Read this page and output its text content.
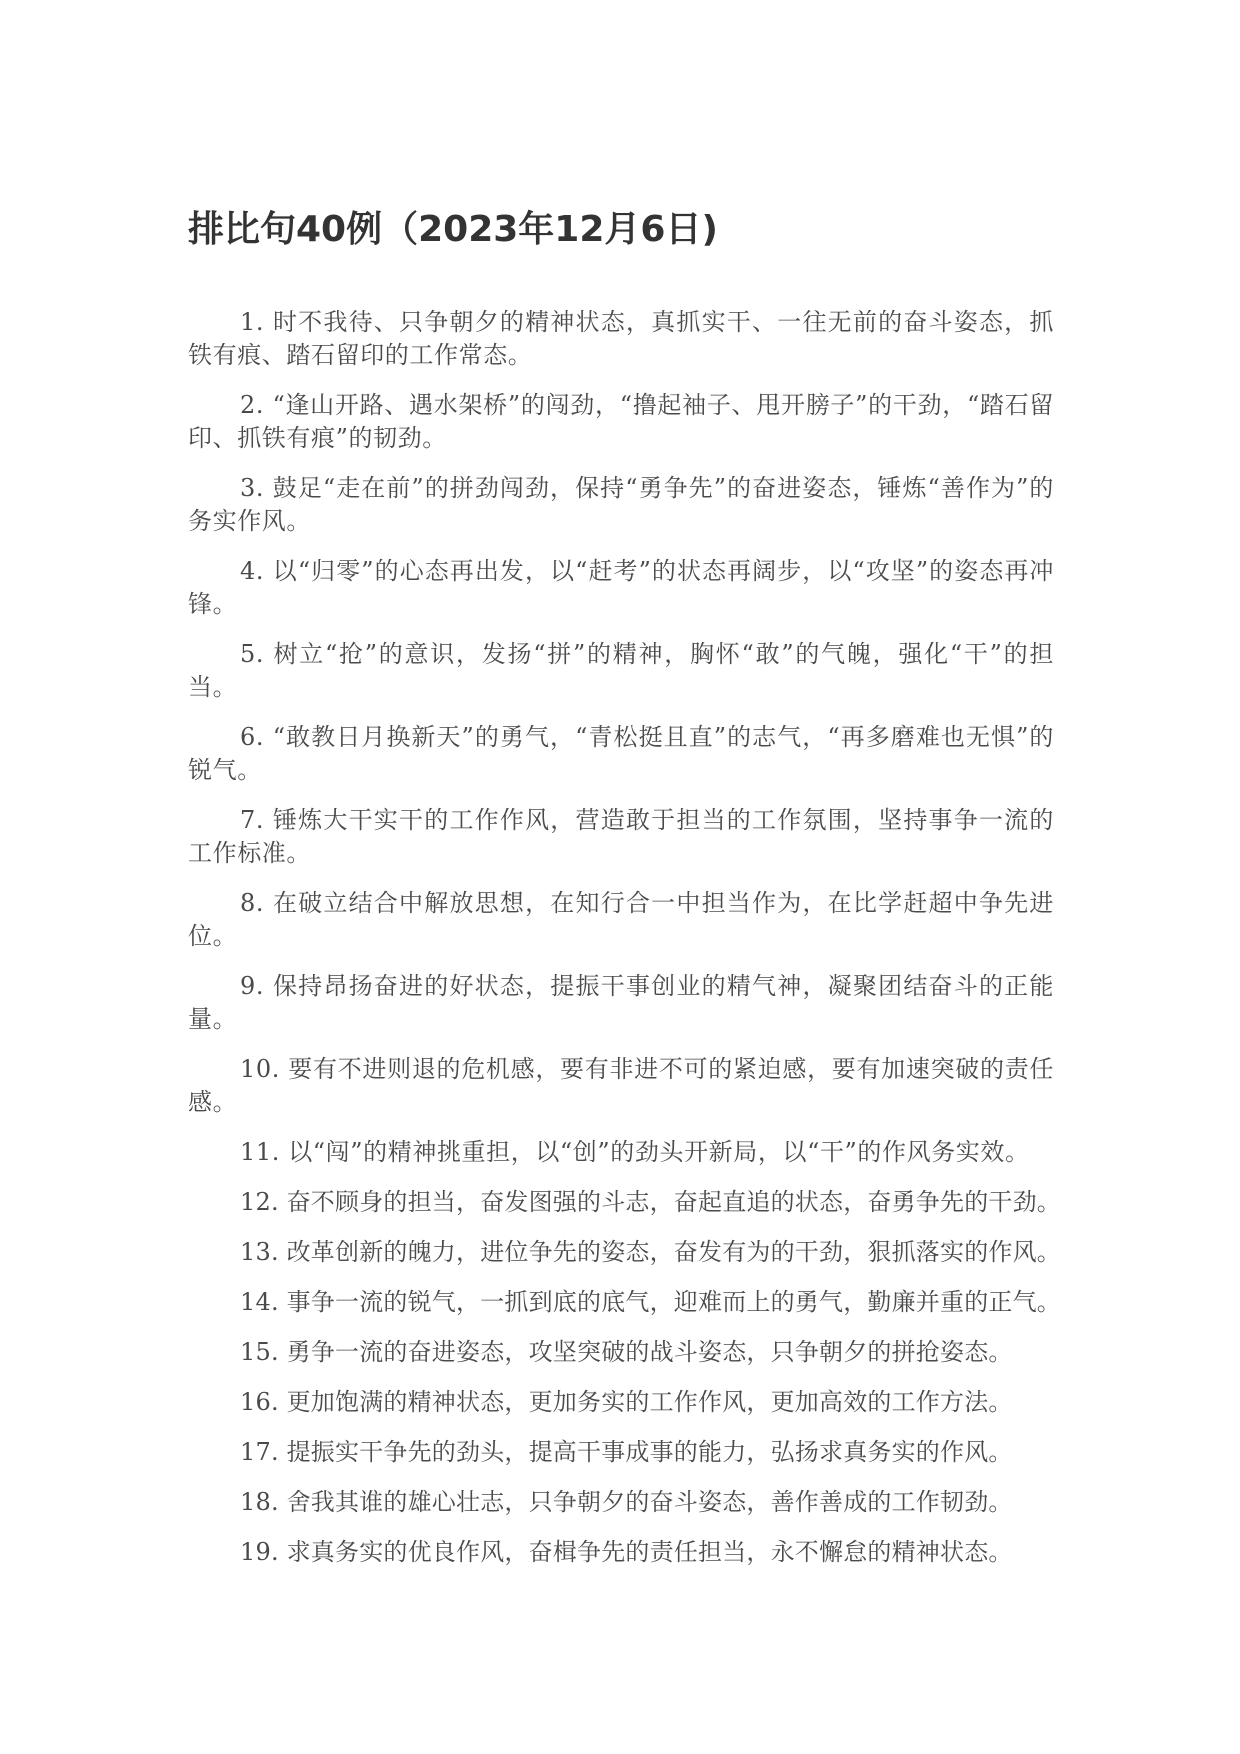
排比句40例（2023年12月6日)

1. 时不我待、只争朝夕的精神状态，真抓实干、一往无前的奋斗姿态，抓铁有痕、踏石留印的工作常态。

2. “逢山开路、遇水架桥”的闯劲，“撸起袖子、甩开膀子”的干劲，“踏石留印、抓铁有痕”的韧劲。

3. 鼓足“走在前”的拼劲闯劲，保持“勇争先”的奋进姿态，锤炼“善作为”的务实作风。

4. 以“归零”的心态再出发，以“赶考”的状态再阔步，以“攻坚”的姿态再冲锋。

5. 树立“抢”的意识，发扬“拼”的精神，胸怀“敢”的气魄，强化“干”的担当。

6. “敢教日月换新天”的勇气，“青松挺且直”的志气，“再多磨难也无惧”的锐气。

7. 锤炼大干实干的工作作风，营造敢于担当的工作氛围，坚持事争一流的工作标准。

8. 在破立结合中解放思想，在知行合一中担当作为，在比学赶超中争先进位。

9. 保持昂扬奋进的好状态，提振干事创业的精气神，凝聚团结奋斗的正能量。

10. 要有不进则退的危机感，要有非进不可的紧迫感，要有加速突破的责任感。

11. 以“闯”的精神挑重担，以“创”的劲头开新局，以“干”的作风务实效。

12. 奋不顾身的担当，奋发图强的斗志，奋起直追的状态，奋勇争先的干劲。

13. 改革创新的魄力，进位争先的姿态，奋发有为的干劲，狠抓落实的作风。

14. 事争一流的锐气，一抓到底的底气，迎难而上的勇气，勤廉并重的正气。

15. 勇争一流的奋进姿态，攻坚突破的战斗姿态，只争朝夕的拼抢姿态。

16. 更加饱满的精神状态，更加务实的工作作风，更加高效的工作方法。

17. 提振实干争先的劲头，提高干事成事的能力，弘扬求真务实的作风。

18. 舍我其谁的雄心壮志，只争朝夕的奋斗姿态，善作善成的工作韧劲。

19. 求真务实的优良作风，奋楫争先的责任担当，永不懈怠的精神状态。
